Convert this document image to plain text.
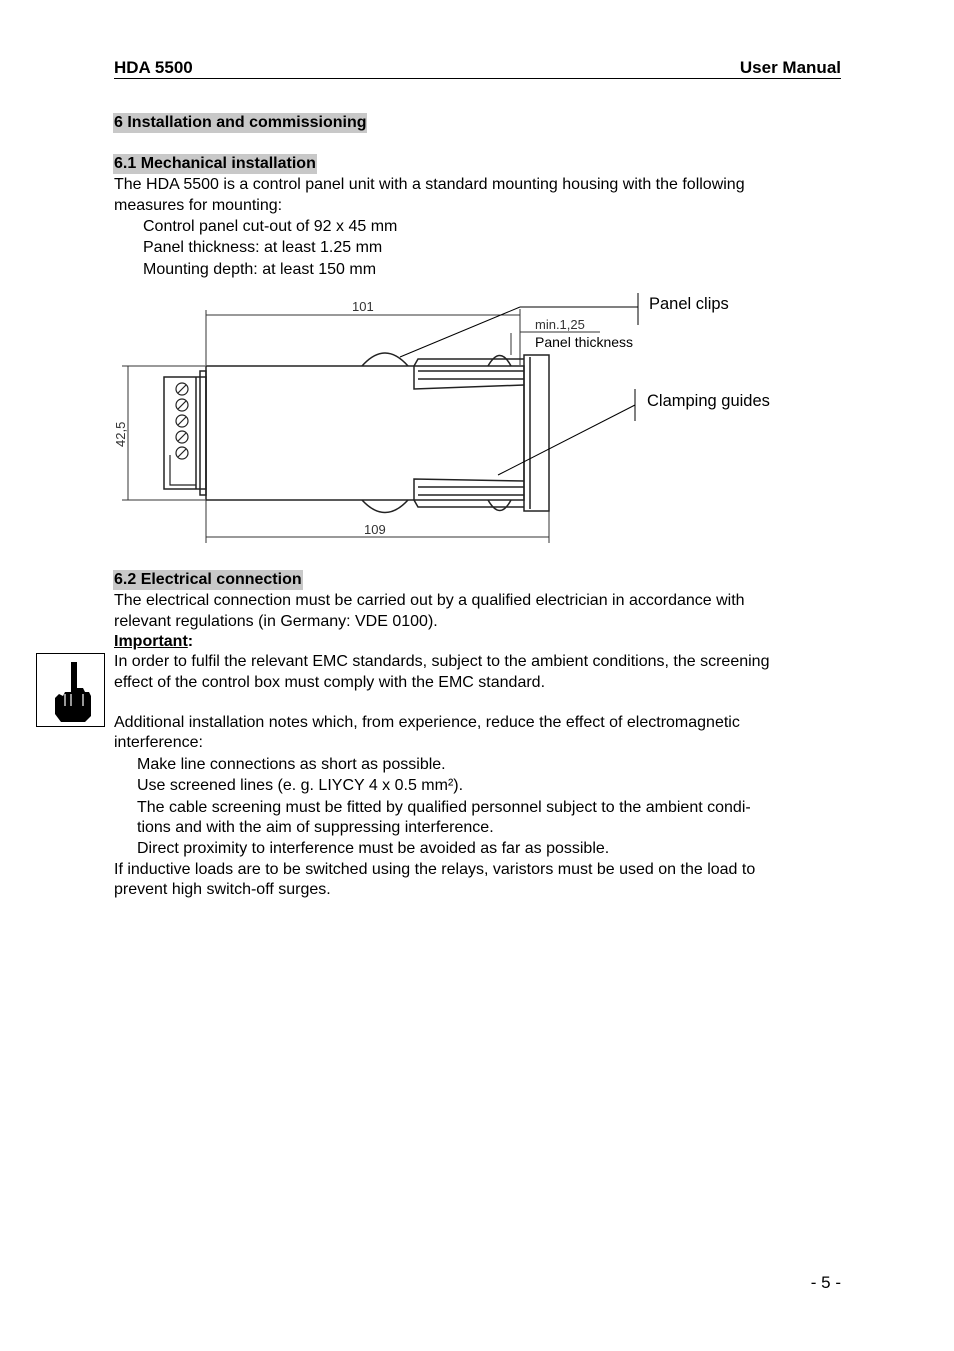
HDA 5500	User Manual
6 Installation and commissioning
6.1 Mechanical installation
The HDA 5500 is a control panel unit with a standard mounting housing with the following
measures for mounting:
Control panel cut-out of 92 x 45 mm
Panel thickness: at least 1.25 mm
Mounting depth: at least 150 mm
101
109
42,5
min.1,25
Panel thickness
Panel clips
Clamping guides
6.2 Electrical connection
The electrical connection must be carried out by a qualified electrician in accordance with
relevant regulations (in Germany: VDE 0100).
Important:
In order to fulfil the relevant EMC standards, subject to the ambient conditions, the screening
effect of the control box must comply with the EMC standard.
Additional installation notes which, from experience, reduce the effect of electromagnetic
interference:
Make line connections as short as possible.
Use screened lines (e. g. LIYCY 4 x 0.5 mm²).
The cable screening must be fitted by qualified personnel subject to the ambient condi-
tions and with the aim of suppressing interference.
Direct proximity to interference must be avoided as far as possible.
If inductive loads are to be switched using the relays, varistors must be used on the load to
prevent high switch-off surges.
- 5 -
